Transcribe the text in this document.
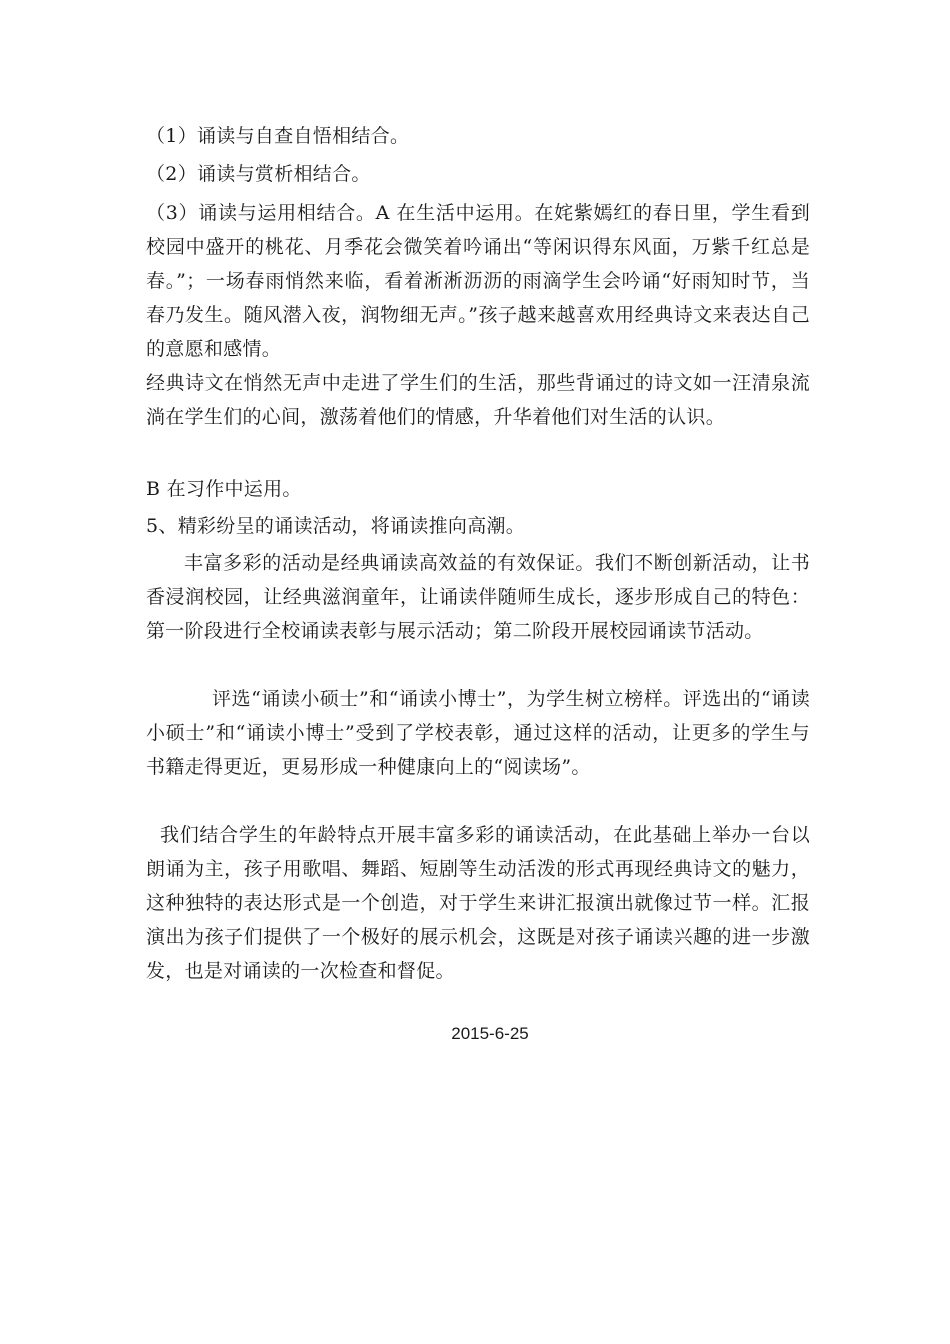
（1）诵读与自查自悟相结合。
（2）诵读与赏析相结合。
（3）诵读与运用相结合。A 在生活中运用。在姹紫嫣红的春日里，学生看到校园中盛开的桃花、月季花会微笑着吟诵出“等闲识得东风面，万紫千红总是春。”；一场春雨悄然来临，看着淅淅沥沥的雨滴学生会吟诵“好雨知时节，当春乃发生。随风潜入夜，润物细无声。”孩子越来越喜欢用经典诗文来表达自己的意愿和感情。
经典诗文在悄然无声中走进了学生们的生活，那些背诵过的诗文如一汪清泉流淌在学生们的心间，激荡着他们的情感，升华着他们对生活的认识。
B 在习作中运用。
5、精彩纷呈的诵读活动，将诵读推向高潮。
丰富多彩的活动是经典诵读高效益的有效保证。我们不断创新活动，让书香浸润校园，让经典滋润童年，让诵读伴随师生成长，逐步形成自己的特色：第一阶段进行全校诵读表彰与展示活动；第二阶段开展校园诵读节活动。
评选“诵读小硕士”和“诵读小博士”，为学生树立榜样。评选出的“诵读小硕士”和“诵读小博士”受到了学校表彰，通过这样的活动，让更多的学生与书籍走得更近，更易形成一种健康向上的“阅读场”。
我们结合学生的年龄特点开展丰富多彩的诵读活动，在此基础上举办一台以朗诵为主，孩子用歌唱、舞蹈、短剧等生动活泼的形式再现经典诗文的魅力，这种独特的表达形式是一个创造，对于学生来讲汇报演出就像过节一样。汇报演出为孩子们提供了一个极好的展示机会，这既是对孩子诵读兴趣的进一步激发，也是对诵读的一次检查和督促。
2015-6-25
